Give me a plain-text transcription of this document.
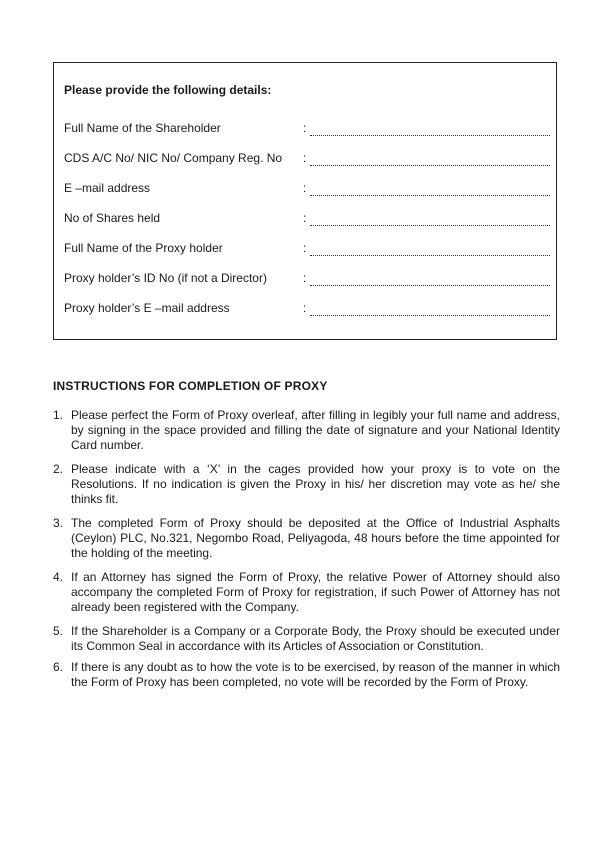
Please provide the following details:
Full Name of the Shareholder	:
CDS A/C No/ NIC No/ Company Reg. No :
E –mail address	:
No of Shares held	:
Full Name of the Proxy holder	:
Proxy holder’s ID No (if not a Director)	:
Proxy holder’s E –mail address	:
INSTRUCTIONS FOR COMPLETION OF PROXY
1. Please perfect the Form of Proxy overleaf, after filling in legibly your full name and address, by signing in the space provided and filling the date of signature and your National Identity Card number.
2. Please indicate with a ‘X’ in the cages provided how your proxy is to vote on the Resolutions. If no indication is given the Proxy in his/ her discretion may vote as he/ she thinks fit.
3. The completed Form of Proxy should be deposited at the Office of Industrial Asphalts (Ceylon) PLC, No.321, Negombo Road, Peliyagoda, 48 hours before the time appointed for the holding of the meeting.
4. If an Attorney has signed the Form of Proxy, the relative Power of Attorney should also accompany the completed Form of Proxy for registration, if such Power of Attorney has not already been registered with the Company.
5. If the Shareholder is a Company or a Corporate Body, the Proxy should be executed under its Common Seal in accordance with its Articles of Association or Constitution.
6. If there is any doubt as to how the vote is to be exercised, by reason of the manner in which the Form of Proxy has been completed, no vote will be recorded by the Form of Proxy.
